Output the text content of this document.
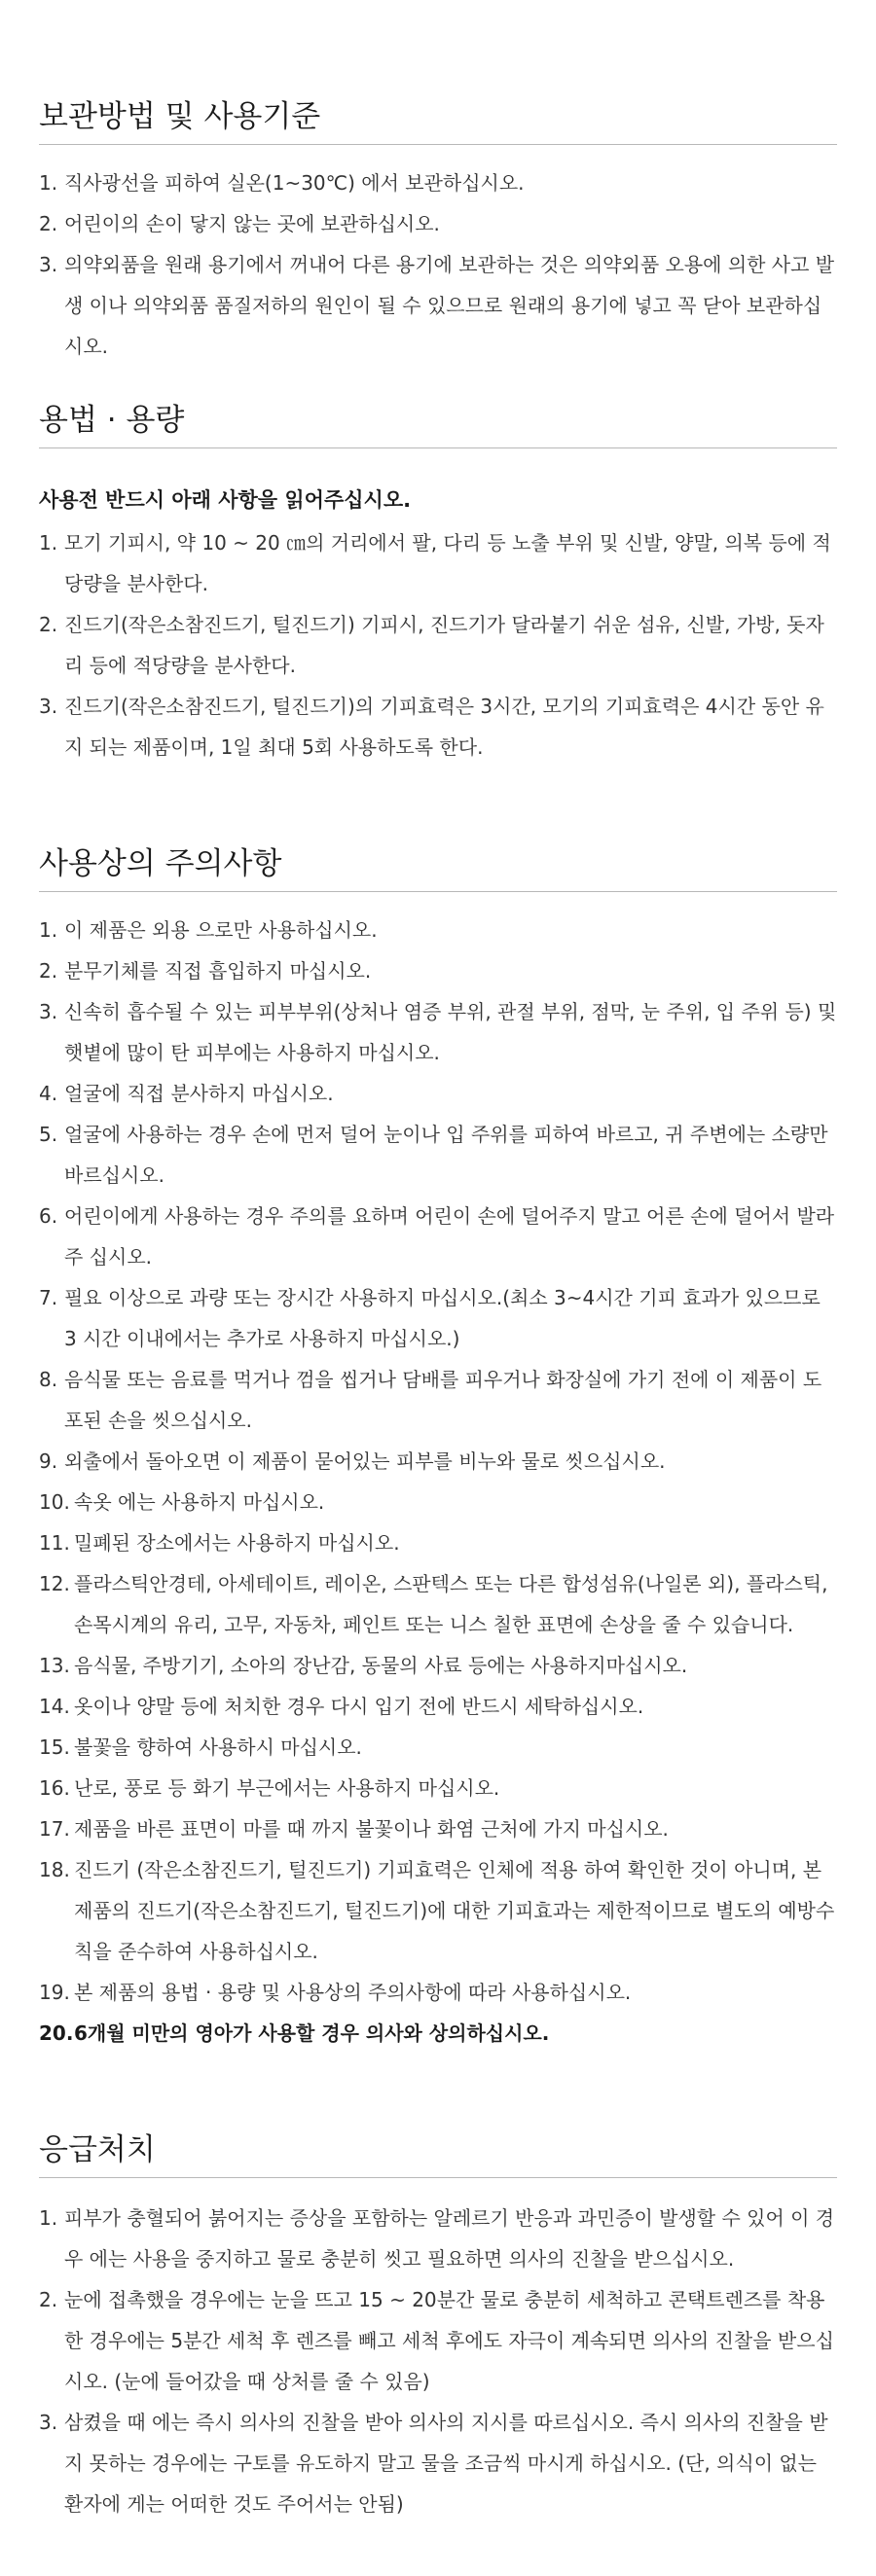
보관방법 및 사용기준
1. 직사광선을 피하여 실온(1~30℃) 에서 보관하십시오.
2. 어린이의 손이 닿지 않는 곳에 보관하십시오.
3. 의약외품을 원래 용기에서 꺼내어 다른 용기에 보관하는 것은 의약외품 오용에 의한 사고 발생 이나 의약외품 품질저하의 원인이 될 수 있으므로 원래의 용기에 넣고 꼭 닫아 보관하십시오.
용법 · 용량

사용전 반드시 아래 사항을 읽어주십시오.

1. 모기 기피시, 약 10 ~ 20 ㎝의 거리에서 팔, 다리 등 노출 부위 및 신발, 양말, 의복 등에 적 당량을 분사한다.
2. 진드기(작은소참진드기, 털진드기) 기피시, 진드기가 달라붙기 쉬운 섬유, 신발, 가방, 돗자리 등에 적당량을 분사한다.
3. 진드기(작은소참진드기, 털진드기)의 기피효력은 3시간, 모기의 기피효력은 4시간 동안 유지 되는 제품이며, 1일 최대 5회 사용하도록 한다.
사용상의 주의사항
1. 이 제품은 외용 으로만 사용하십시오.
2. 분무기체를 직접 흡입하지 마십시오.
3. 신속히 흡수될 수 있는 피부부위(상처나 염증 부위, 관절 부위, 점막, 눈 주위, 입 주위 등) 및 햇볕에 많이 탄 피부에는 사용하지 마십시오.
4. 얼굴에 직접 분사하지 마십시오.
5. 얼굴에 사용하는 경우 손에 먼저 덜어 눈이나 입 주위를 피하여 바르고, 귀 주변에는 소량만 바르십시오.
6. 어린이에게 사용하는 경우 주의를 요하며 어린이 손에 덜어주지 말고 어른 손에 덜어서 발라주 십시오.
7. 필요 이상으로 과량 또는 장시간 사용하지 마십시오.(최소 3~4시간 기피 효과가 있으므로 3 시간 이내에서는 추가로 사용하지 마십시오.)
8. 음식물 또는 음료를 먹거나 껌을 씹거나 담배를 피우거나 화장실에 가기 전에 이 제품이 도포된 손을 씻으십시오.
9. 외출에서 돌아오면 이 제품이 묻어있는 피부를 비누와 물로 씻으십시오.
10. 속옷 에는 사용하지 마십시오.
11. 밀폐된 장소에서는 사용하지 마십시오.
12. 플라스틱안경테, 아세테이트, 레이온, 스판텍스 또는 다른 합성섬유(나일론 외), 플라스틱, 손목시계의 유리, 고무, 자동차, 페인트 또는 니스 칠한 표면에 손상을 줄 수 있습니다.
13. 음식물, 주방기기, 소아의 장난감, 동물의 사료 등에는 사용하지마십시오.
14. 옷이나 양말 등에 처치한 경우 다시 입기 전에 반드시 세탁하십시오.
15. 불꽃을 향하여 사용하시 마십시오.
16. 난로, 풍로 등 화기 부근에서는 사용하지 마십시오.
17. 제품을 바른 표면이 마를 때 까지 불꽃이나 화염 근처에 가지 마십시오.
18. 진드기 (작은소참진드기, 털진드기) 기피효력은 인체에 적용 하여 확인한 것이 아니며, 본 제품의 진드기(작은소참진드기, 털진드기)에 대한 기피효과는 제한적이므로 별도의 예방수 칙을 준수하여 사용하십시오.
19. 본 제품의 용법 · 용량 및 사용상의 주의사항에 따라 사용하십시오.
20. 6개월 미만의 영아가 사용할 경우 의사와 상의하십시오.
응급처치
1. 피부가 충혈되어 붉어지는 증상을 포함하는 알레르기 반응과 과민증이 발생할 수 있어 이 경우 에는 사용을 중지하고 물로 충분히 씻고 필요하면 의사의 진찰을 받으십시오.
2. 눈에 접촉했을 경우에는 눈을 뜨고 15 ~ 20분간 물로 충분히 세척하고 콘택트렌즈를 착용한 경우에는 5분간 세척 후 렌즈를 빼고 세척 후에도 자극이 계속되면 의사의 진찰을 받으십시오. (눈에 들어갔을 때 상처를 줄 수 있음)
3. 삼켰을 때 에는 즉시 의사의 진찰을 받아 의사의 지시를 따르십시오. 즉시 의사의 진찰을 받지 못하는 경우에는 구토를 유도하지 말고 물을 조금씩 마시게 하십시오. (단, 의식이 없는 환자에 게는 어떠한 것도 주어서는 안됨)
